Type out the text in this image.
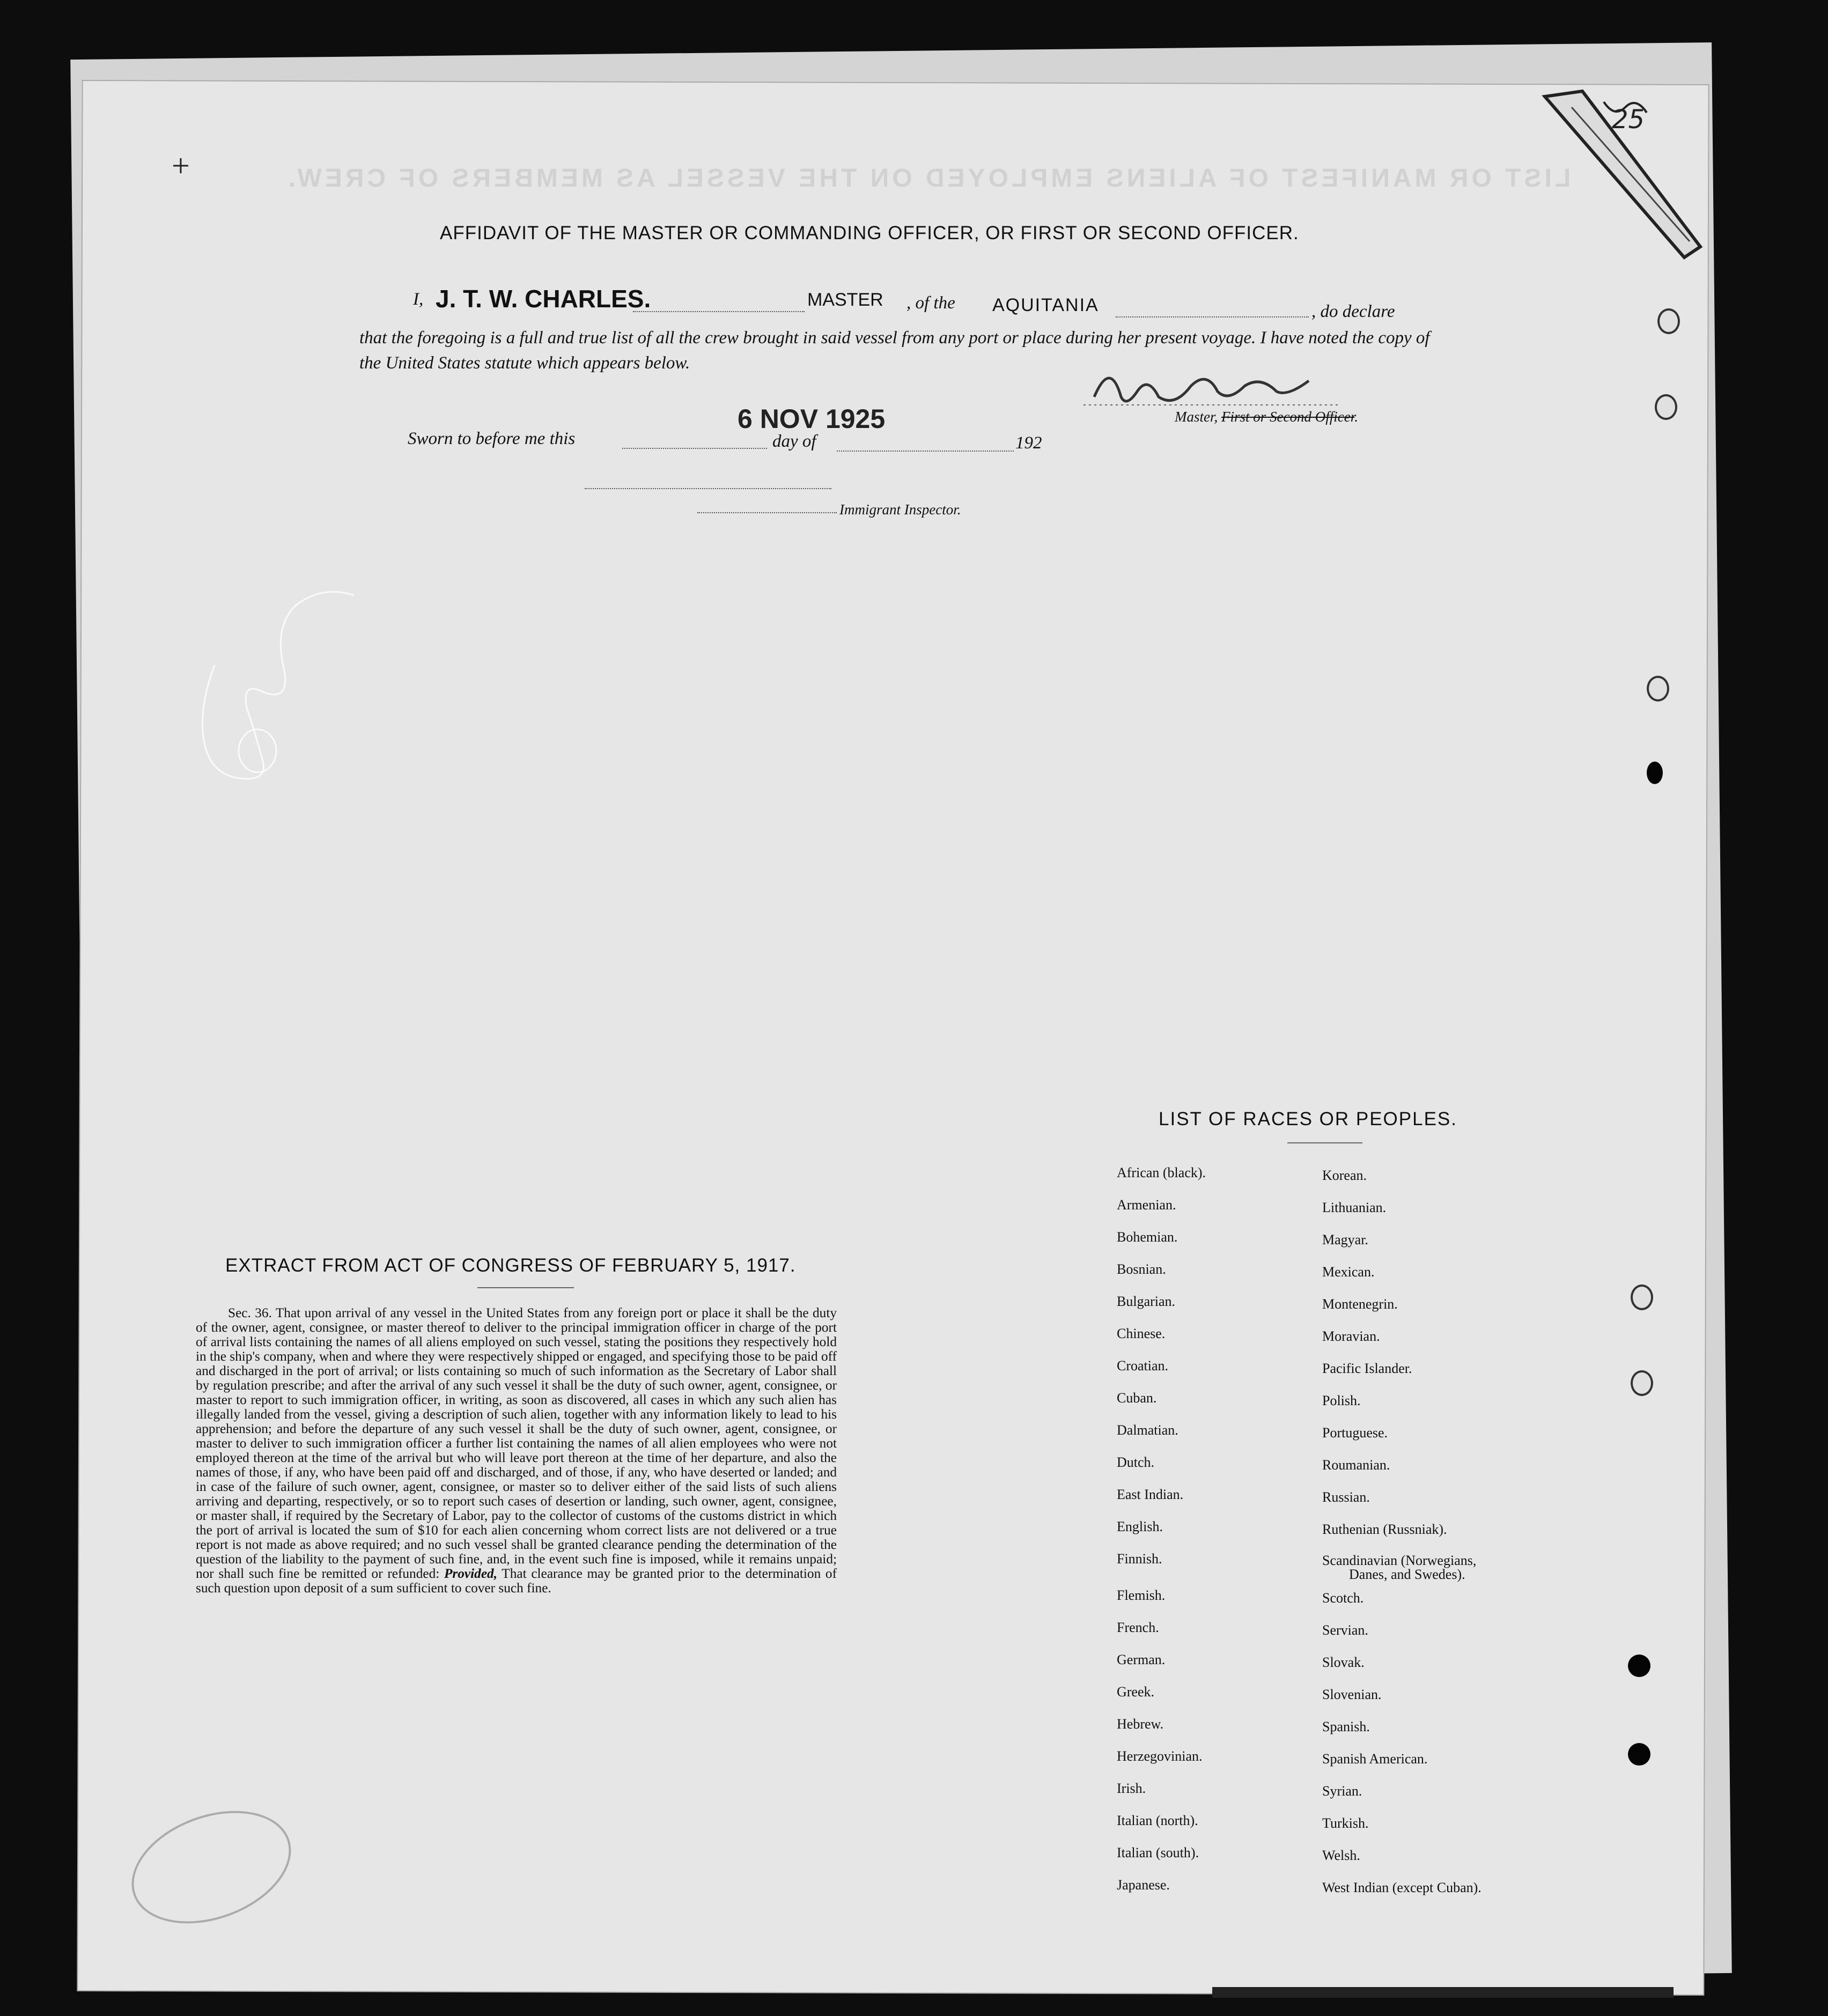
LIST OR MANIFEST OF ALIENS EMPLOYED ON THE VESSEL AS MEMBERS OF CREW.
25
+
AFFIDAVIT OF THE MASTER OR COMMANDING OFFICER, OR FIRST OR SECOND OFFICER.
I, J. T. W. CHARLES.	MASTER , of the AQUITANIA	, do declare
that the foregoing is a full and true list of all the crew brought in said vessel from any port or place during her present voyage. I have noted the copy of the United States statute which appears below.
Master, First or Second Officer.
Sworn to before me this
6 NOV 1925
day of	192
Immigrant Inspector.
LIST OF RACES OR PEOPLES.
African (black).
Armenian.
Bohemian.
Bosnian.
Bulgarian.
Chinese.
Croatian.
Cuban.
Dalmatian.
Dutch.
East Indian.
English.
Finnish.
Flemish.
French.
German.
Greek.
Hebrew.
Herzegovinian.
Irish.
Italian (north).
Italian (south).
Japanese.
Korean.
Lithuanian.
Magyar.
Mexican.
Montenegrin.
Moravian.
Pacific Islander.
Polish.
Portuguese.
Roumanian.
Russian.
Ruthenian (Russniak).
Scandinavian (Norwegians,
Danes, and Swedes).
Scotch.
Servian.
Slovak.
Slovenian.
Spanish.
Spanish American.
Syrian.
Turkish.
Welsh.
West Indian (except Cuban).
EXTRACT FROM ACT OF CONGRESS OF FEBRUARY 5, 1917.
Sec. 36. That upon arrival of any vessel in the United States from any foreign port or place it shall be the duty of the owner, agent, consignee, or master thereof to deliver to the principal immigration officer in charge of the port of arrival lists containing the names of all aliens employed on such vessel, stating the positions they respectively hold in the ship's company, when and where they were respectively shipped or engaged, and specifying those to be paid off and discharged in the port of arrival; or lists containing so much of such information as the Secretary of Labor shall by regulation prescribe; and after the arrival of any such vessel it shall be the duty of such owner, agent, consignee, or master to report to such immigration officer, in writing, as soon as discovered, all cases in which any such alien has illegally landed from the vessel, giving a description of such alien, together with any information likely to lead to his apprehension; and before the departure of any such vessel it shall be the duty of such owner, agent, consignee, or master to deliver to such immigration officer a further list containing the names of all alien employees who were not employed thereon at the time of the arrival but who will leave port thereon at the time of her departure, and also the names of those, if any, who have been paid off and discharged, and of those, if any, who have deserted or landed; and in case of the failure of such owner, agent, consignee, or master so to deliver either of the said lists of such aliens arriving and departing, respectively, or so to report such cases of desertion or landing, such owner, agent, consignee, or master shall, if required by the Secretary of Labor, pay to the collector of customs of the customs district in which the port of arrival is located the sum of $10 for each alien concerning whom correct lists are not delivered or a true report is not made as above required; and no such vessel shall be granted clearance pending the determination of the question of the liability to the payment of such fine, and, in the event such fine is imposed, while it remains unpaid; nor shall such fine be remitted or refunded: Provided, That clearance may be granted prior to the determination of such question upon deposit of a sum sufficient to cover such fine.
